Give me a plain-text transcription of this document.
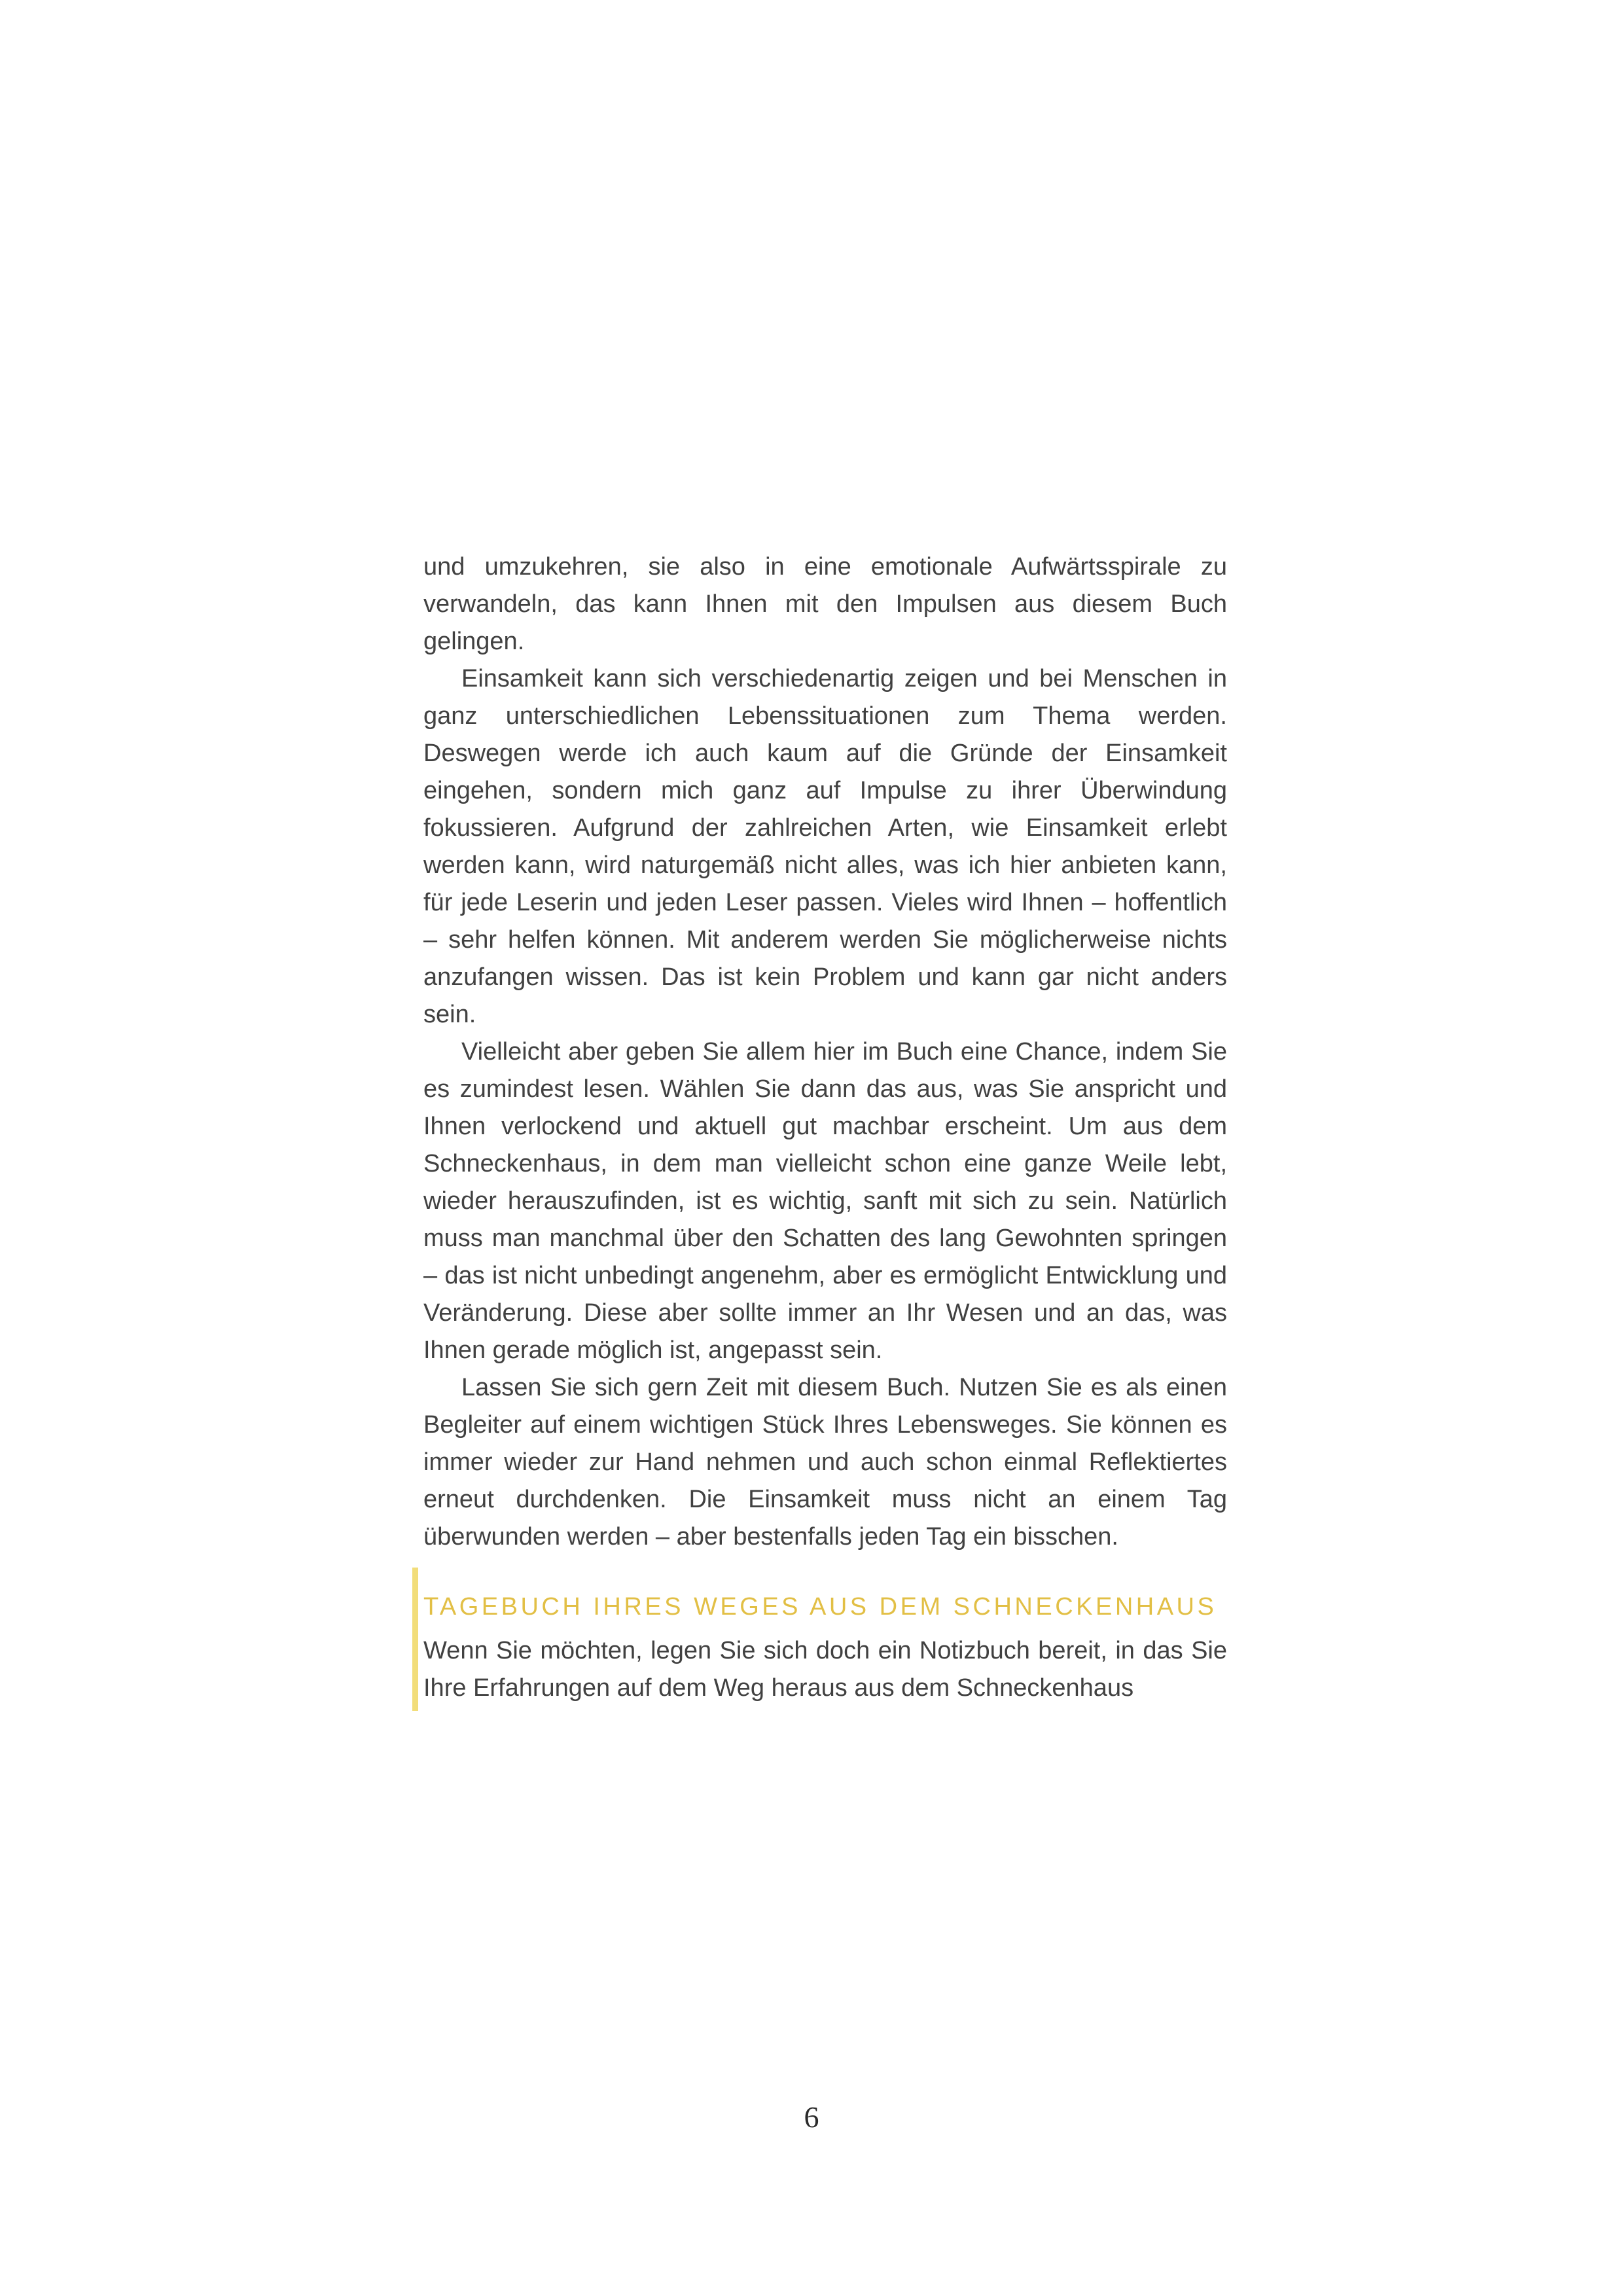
und umzukehren, sie also in eine emotionale Aufwärtsspirale zu verwandeln, das kann Ihnen mit den Impulsen aus diesem Buch gelingen.

Einsamkeit kann sich verschiedenartig zeigen und bei Menschen in ganz unterschiedlichen Lebenssituationen zum Thema werden. Deswegen werde ich auch kaum auf die Gründe der Einsamkeit eingehen, sondern mich ganz auf Impulse zu ihrer Überwindung fokussieren. Aufgrund der zahlreichen Arten, wie Einsamkeit erlebt werden kann, wird naturgemäß nicht alles, was ich hier anbieten kann, für jede Leserin und jeden Leser passen. Vieles wird Ihnen – hoffentlich – sehr helfen können. Mit anderem werden Sie möglicherweise nichts anzufangen wissen. Das ist kein Problem und kann gar nicht anders sein.

Vielleicht aber geben Sie allem hier im Buch eine Chance, indem Sie es zumindest lesen. Wählen Sie dann das aus, was Sie anspricht und Ihnen verlockend und aktuell gut machbar erscheint. Um aus dem Schneckenhaus, in dem man vielleicht schon eine ganze Weile lebt, wieder herauszufinden, ist es wichtig, sanft mit sich zu sein. Natürlich muss man manchmal über den Schatten des lang Gewohnten springen – das ist nicht unbedingt angenehm, aber es ermöglicht Entwicklung und Veränderung. Diese aber sollte immer an Ihr Wesen und an das, was Ihnen gerade möglich ist, angepasst sein.

Lassen Sie sich gern Zeit mit diesem Buch. Nutzen Sie es als einen Begleiter auf einem wichtigen Stück Ihres Lebensweges. Sie können es immer wieder zur Hand nehmen und auch schon einmal Reflektiertes erneut durchdenken. Die Einsamkeit muss nicht an einem Tag überwunden werden – aber bestenfalls jeden Tag ein bisschen.

TAGEBUCH IHRES WEGES AUS DEM SCHNECKENHAUS

Wenn Sie möchten, legen Sie sich doch ein Notizbuch bereit, in das Sie Ihre Erfahrungen auf dem Weg heraus aus dem Schneckenhaus

6
